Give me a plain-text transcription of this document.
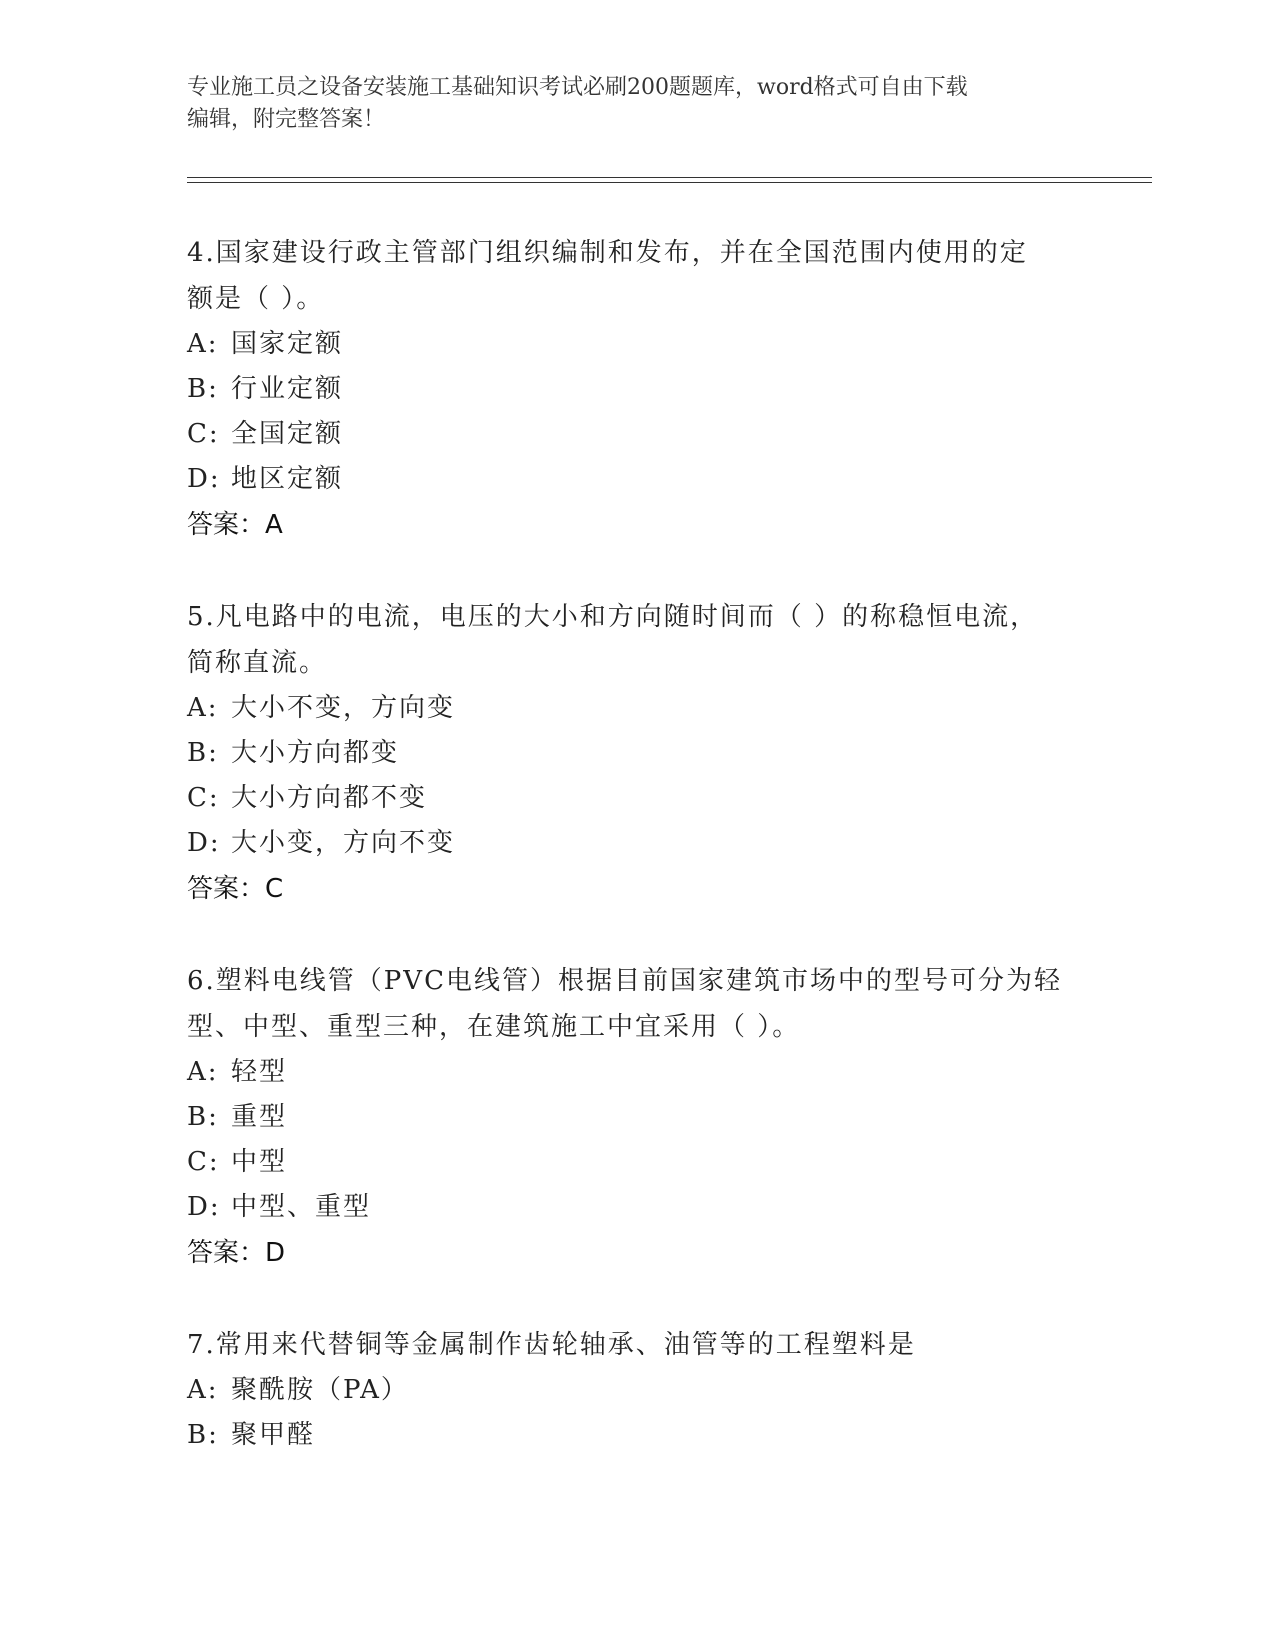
专业施工员之设备安装施工基础知识考试必刷200题题库，word格式可自由下载
编辑，附完整答案！
4.国家建设行政主管部门组织编制和发布，并在全国范围内使用的定
额是（ ）。
A: 国家定额
B: 行业定额
C: 全国定额
D: 地区定额
答案：A
5.凡电路中的电流，电压的大小和方向随时间而（ ）的称稳恒电流，
简称直流。
A: 大小不变，方向变
B: 大小方向都变
C: 大小方向都不变
D: 大小变，方向不变
答案：C
6.塑料电线管（PVC电线管）根据目前国家建筑市场中的型号可分为轻
型、中型、重型三种，在建筑施工中宜采用（ ）。
A: 轻型
B: 重型
C: 中型
D: 中型、重型
答案：D
7.常用来代替铜等金属制作齿轮轴承、油管等的工程塑料是
A: 聚酰胺（PA）
B: 聚甲醛
